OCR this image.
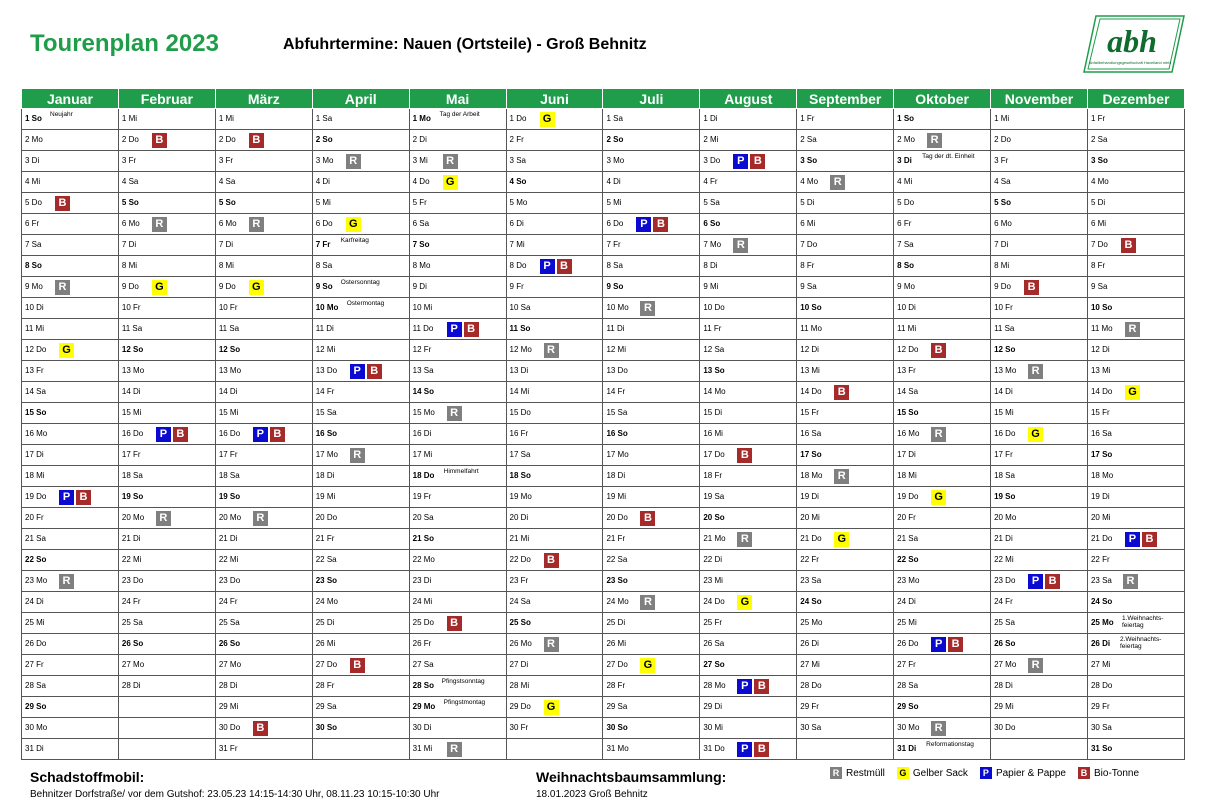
Tourenplan 2023	Abfuhrtermine: Nauen (Ortsteile) - Groß Behnitz	abh
Abfallbehandlungsgesellschaft Havelland mbH
Januar	Februar	März	April	Mai	Juni	Juli	August	September	Oktober	November	Dezember

1 So Neujahr	1 Mi	1 Mi	1 Sa	1 Mo Tag der Arbeit	1 Do G	1 Sa	1 Di	1 Fr	1 So	1 Mi	1 Fr

2 Mo	2 Do B	2 Do B	2 So	2 Di	2 Fr	2 So	2 Mi	2 Sa	2 Mo R	2 Do	2 Sa

3 Di	3 Fr	3 Fr	3 Mo R	3 Mi R	3 Sa	3 Mo	3 Do P B	3 So	3 Di Tag der dt. Einheit	3 Fr	3 So

4 Mi	4 Sa	4 Sa	4 Di	4 Do G	4 So	4 Di	4 Fr	4 Mo R	4 Mi	4 Sa	4 Mo

5 Do B	5 So	5 So	5 Mi	5 Fr	5 Mo	5 Mi	5 Sa	5 Di	5 Do	5 So	5 Di

6 Fr	6 Mo R	6 Mo R	6 Do G	6 Sa	6 Di	6 Do P B	6 So	6 Mi	6 Fr	6 Mo	6 Mi

7 Sa	7 Di	7 Di	7 Fr Karfreitag	7 So	7 Mi	7 Fr	7 Mo R	7 Do	7 Sa	7 Di	7 Do B

8 So	8 Mi	8 Mi	8 Sa	8 Mo	8 Do P B	8 Sa	8 Di	8 Fr	8 So	8 Mi	8 Fr

9 Mo R	9 Do G	9 Do G	9 So Ostersonntag	9 Di	9 Fr	9 So	9 Mi	9 Sa	9 Mo	9 Do B	9 Sa

10 Di	10 Fr	10 Fr	10 Mo Ostermontag	10 Mi	10 Sa	10 Mo R	10 Do	10 So	10 Di	10 Fr	10 So

11 Mi	11 Sa	11 Sa	11 Di	11 Do P B	11 So	11 Di	11 Fr	11 Mo	11 Mi	11 Sa	11 Mo R

12 Do G	12 So	12 So	12 Mi	12 Fr	12 Mo R	12 Mi	12 Sa	12 Di	12 Do B	12 So	12 Di

13 Fr	13 Mo	13 Mo	13 Do P B	13 Sa	13 Di	13 Do	13 So	13 Mi	13 Fr	13 Mo R	13 Mi

14 Sa	14 Di	14 Di	14 Fr	14 So	14 Mi	14 Fr	14 Mo	14 Do B	14 Sa	14 Di	14 Do G

15 So	15 Mi	15 Mi	15 Sa	15 Mo R	15 Do	15 Sa	15 Di	15 Fr	15 So	15 Mi	15 Fr

16 Mo	16 Do P B	16 Do P B	16 So	16 Di	16 Fr	16 So	16 Mi	16 Sa	16 Mo R	16 Do G	16 Sa

17 Di	17 Fr	17 Fr	17 Mo R	17 Mi	17 Sa	17 Mo	17 Do B	17 So	17 Di	17 Fr	17 So

18 Mi	18 Sa	18 Sa	18 Di	18 Do Himmelfahrt	18 So	18 Di	18 Fr	18 Mo R	18 Mi	18 Sa	18 Mo

19 Do P B	19 So	19 So	19 Mi	19 Fr	19 Mo	19 Mi	19 Sa	19 Di	19 Do G	19 So	19 Di

20 Fr	20 Mo R	20 Mo R	20 Do	20 Sa	20 Di	20 Do B	20 So	20 Mi	20 Fr	20 Mo	20 Mi

21 Sa	21 Di	21 Di	21 Fr	21 So	21 Mi	21 Fr	21 Mo R	21 Do G	21 Sa	21 Di	21 Do P B

22 So	22 Mi	22 Mi	22 Sa	22 Mo	22 Do B	22 Sa	22 Di	22 Fr	22 So	22 Mi	22 Fr

23 Mo R	23 Do	23 Do	23 So	23 Di	23 Fr	23 So	23 Mi	23 Sa	23 Mo	23 Do P B	23 Sa R

24 Di	24 Fr	24 Fr	24 Mo	24 Mi	24 Sa	24 Mo R	24 Do G	24 So	24 Di	24 Fr	24 So

25 Mi	25 Sa	25 Sa	25 Di	25 Do B	25 So	25 Di	25 Fr	25 Mo	25 Mi	25 Sa	25 Mo 1.Weihnachts-feiertag

26 Do	26 So	26 So	26 Mi	26 Fr	26 Mo R	26 Mi	26 Sa	26 Di	26 Do P B	26 So	26 Di 2.Weihnachts-feiertag

27 Fr	27 Mo	27 Mo	27 Do B	27 Sa	27 Di	27 Do G	27 So	27 Mi	27 Fr	27 Mo R	27 Mi

28 Sa	28 Di	28 Di	28 Fr	28 So Pfingstsonntag	28 Mi	28 Fr	28 Mo P B	28 Do	28 Sa	28 Di	28 Do

29 So		29 Mi	29 Sa	29 Mo Pfingstmontag	29 Do G	29 Sa	29 Di	29 Fr	29 So	29 Mi	29 Fr

30 Mo		30 Do B	30 So	30 Di	30 Fr	30 So	30 Mi	30 Sa	30 Mo R	30 Do	30 Sa

31 Di		31 Fr		31 Mi R		31 Mo	31 Do P B		31 Di Reformationstag		31 So
Schadstoffmobil:
Behnitzer Dorfstraße/ vor dem Gutshof: 23.05.23 14:15-14:30 Uhr, 08.11.23 10:15-10:30 Uhr
Weihnachtsbaumsammlung:
18.01.2023 Groß Behnitz
R Restmüll G Gelber Sack	P Papier & Pappe	B Bio-Tonne
